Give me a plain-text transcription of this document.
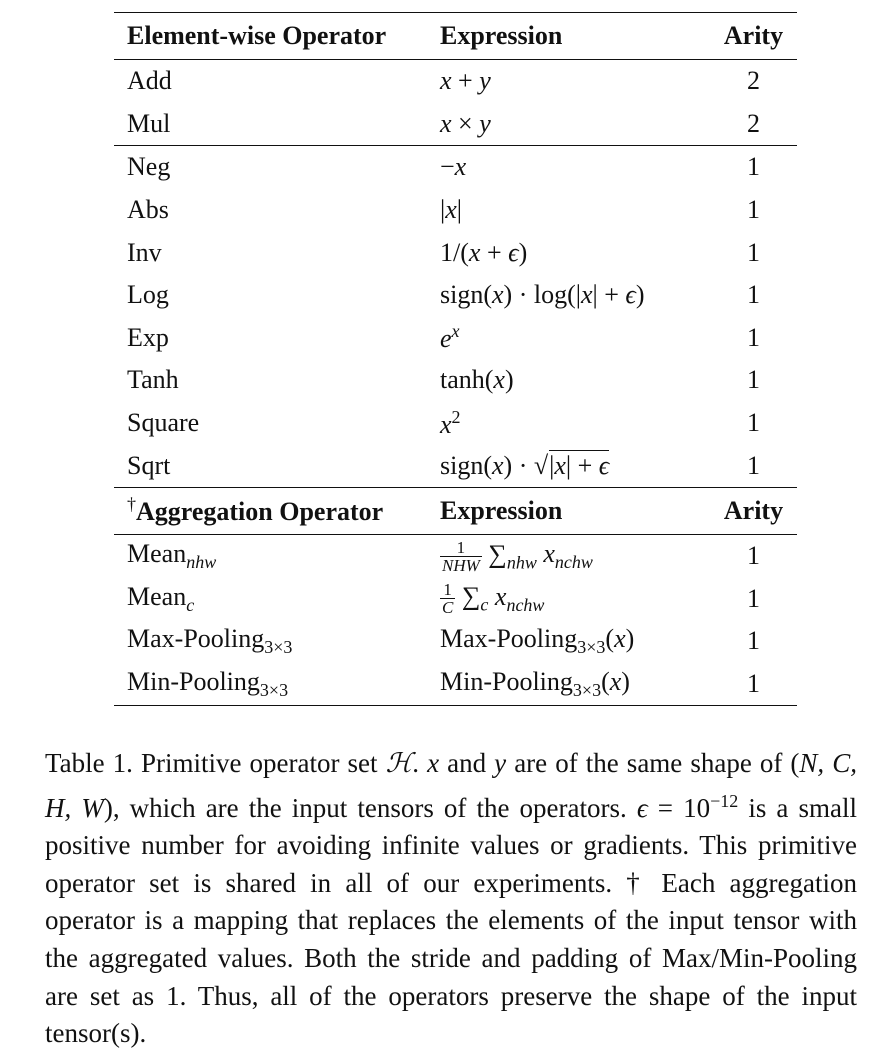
Element-wise Operator	Expression	Arity
Add	x + y	2
Mul	x × y	2
Neg	−x	1
Abs	|x|	1
Inv	1/(x + ϵ)	1
Log	sign(x) · log(|x| + ϵ)	1
Exp	$e^x$	1
Tanh	tanh(x)	1
Square	$x^2$	1
Sqrt	sign(x) · √|x| + ϵ	1
†Aggregation Operator	Expression	Arity
Mean$_{nhw}$	$\frac{1}{\text{NHW}} \sum_{nhw}$ $x_{nchw}$	1
Mean$_c$	$\frac{1}{C} \sum_c$ $x_{nchw}$	1
Max-Pooling$_{3\times 3}$	Max-Pooling$_{3\times 3}$(x)	1
Min-Pooling$_{3\times 3}$	Min-Pooling$_{3\times 3}$(x)	1
Table 1. Primitive operator set ℋ. x and y are of the same shape of (N, C, H, W), which are the input tensors of the operators. $\epsilon = 10^{-12}$ is a small positive number for avoiding infinite values or gradients. This primitive operator set is shared in all of our experiments. † Each aggregation operator is a mapping that replaces the elements of the input tensor with the aggregated values. Both the stride and padding of Max/Min-Pooling are set as 1. Thus, all of the operators preserve the shape of the input tensor(s).
